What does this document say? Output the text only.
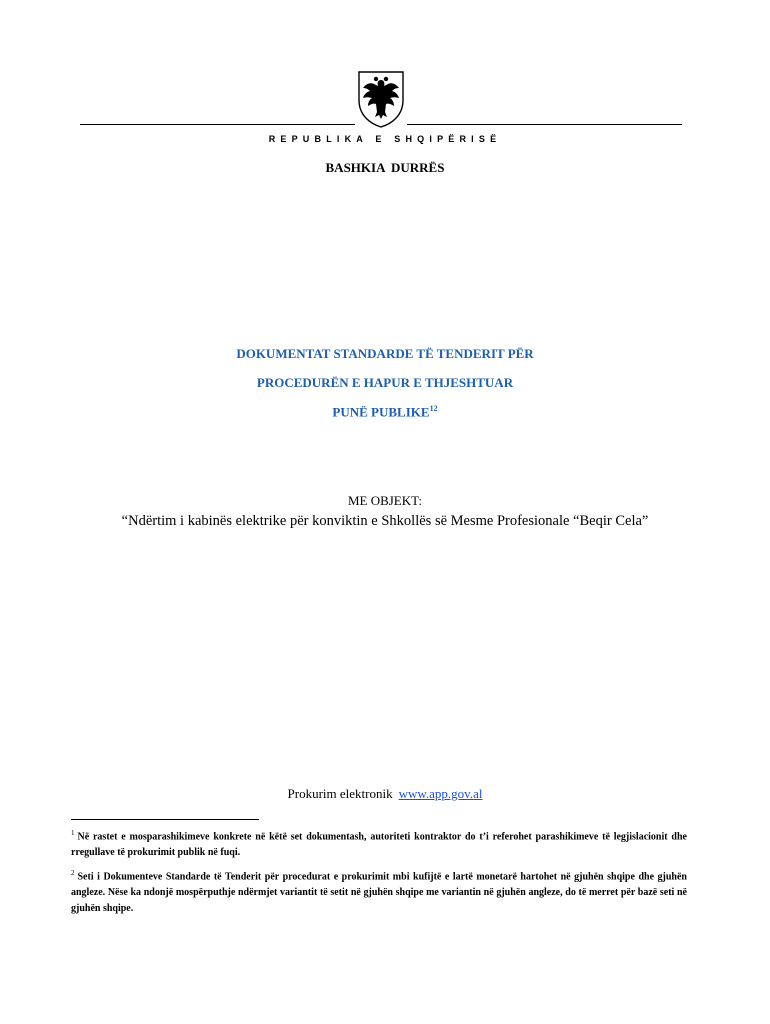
REPUBLIKA E SHQIPËRISË
BASHKIA DURRËS
DOKUMENTAT STANDARDE TË TENDERIT PËR
PROCEDURËN E HAPUR E THJESHTUAR
PUNË PUBLIKE$^{12}$
ME OBJEKT:
“Ndërtim i kabinës elektrike për konviktin e Shkollës së Mesme Profesionale “Beqir Cela”
Prokurim elektronik www.app.gov.al
$^1$ Në rastet e mosparashikimeve konkrete në këtë set dokumentash, autoriteti kontraktor do t’i referohet parashikimeve të legjislacionit dhe rregullave të prokurimit publik në fuqi.
$^2$ Seti i Dokumenteve Standarde të Tenderit për procedurat e prokurimit mbi kufijtë e lartë monetarë hartohet në gjuhën shqipe dhe gjuhën angleze. Nëse ka ndonjë mospërputhje ndërmjet variantit të setit në gjuhën shqipe me variantin në gjuhën angleze, do të merret për bazë seti në gjuhën shqipe.
